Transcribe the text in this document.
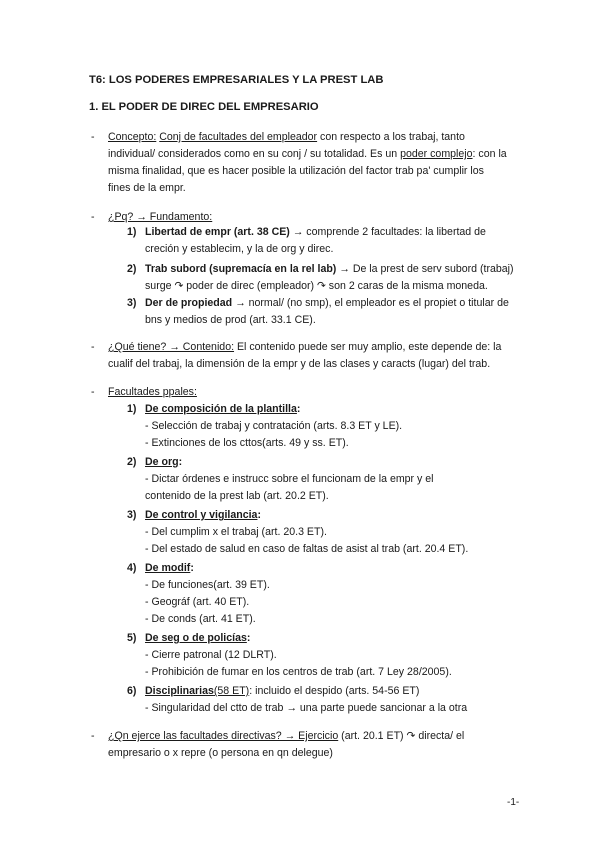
T6: LOS PODERES EMPRESARIALES Y LA PREST LAB
1. EL PODER DE DIREC DEL EMPRESARIO
- Concepto: Conj de facultades del empleador con respecto a los trabaj, tanto
individual/ considerados como en su conj / su totalidad. Es un poder complejo: con la
misma finalidad, que es hacer posible la utilización del factor trab pa' cumplir los
fines de la empr.
- ¿Pq? → Fundamento:
1) Libertad de empr (art. 38 CE) → comprende 2 facultades: la libertad de
creción y establecim, y la de org y direc.
2) Trab subord (supremacía en la rel lab) → De la prest de serv subord (trabaj)
surge ↷ poder de direc (empleador) ↷ son 2 caras de la misma moneda.
3) Der de propiedad → normal/ (no smp), el empleador es el propiet o titular de
bns y medios de prod (art. 33.1 CE).
- ¿Qué tiene? → Contenido: El contenido puede ser muy amplio, este depende de: la
cualif del trabaj, la dimensión de la empr y de las clases y caracts (lugar) del trab.
- Facultades ppales:
1) De composición de la plantilla:
- Selección de trabaj y contratación (arts. 8.3 ET y LE).
- Extinciones de los cttos(arts. 49 y ss. ET).
2) De org:
- Dictar órdenes e instrucc sobre el funcionam de la empr y el
contenido de la prest lab (art. 20.2 ET).
3) De control y vigilancia:
- Del cumplim x el trabaj (art. 20.3 ET).
- Del estado de salud en caso de faltas de asist al trab (art. 20.4 ET).
4) De modif:
- De funciones(art. 39 ET).
- Geográf (art. 40 ET).
- De conds (art. 41 ET).
5) De seg o de policías:
- Cierre patronal (12 DLRT).
- Prohibición de fumar en los centros de trab (art. 7 Ley 28/2005).
6) Disciplinarias(58 ET): incluido el despido (arts. 54-56 ET)
- Singularidad del ctto de trab → una parte puede sancionar a la otra
- ¿Qn ejerce las facultades directivas? → Ejercicio (art. 20.1 ET) ↷ directa/ el
empresario o x repre (o persona en qn delegue)
-1-
